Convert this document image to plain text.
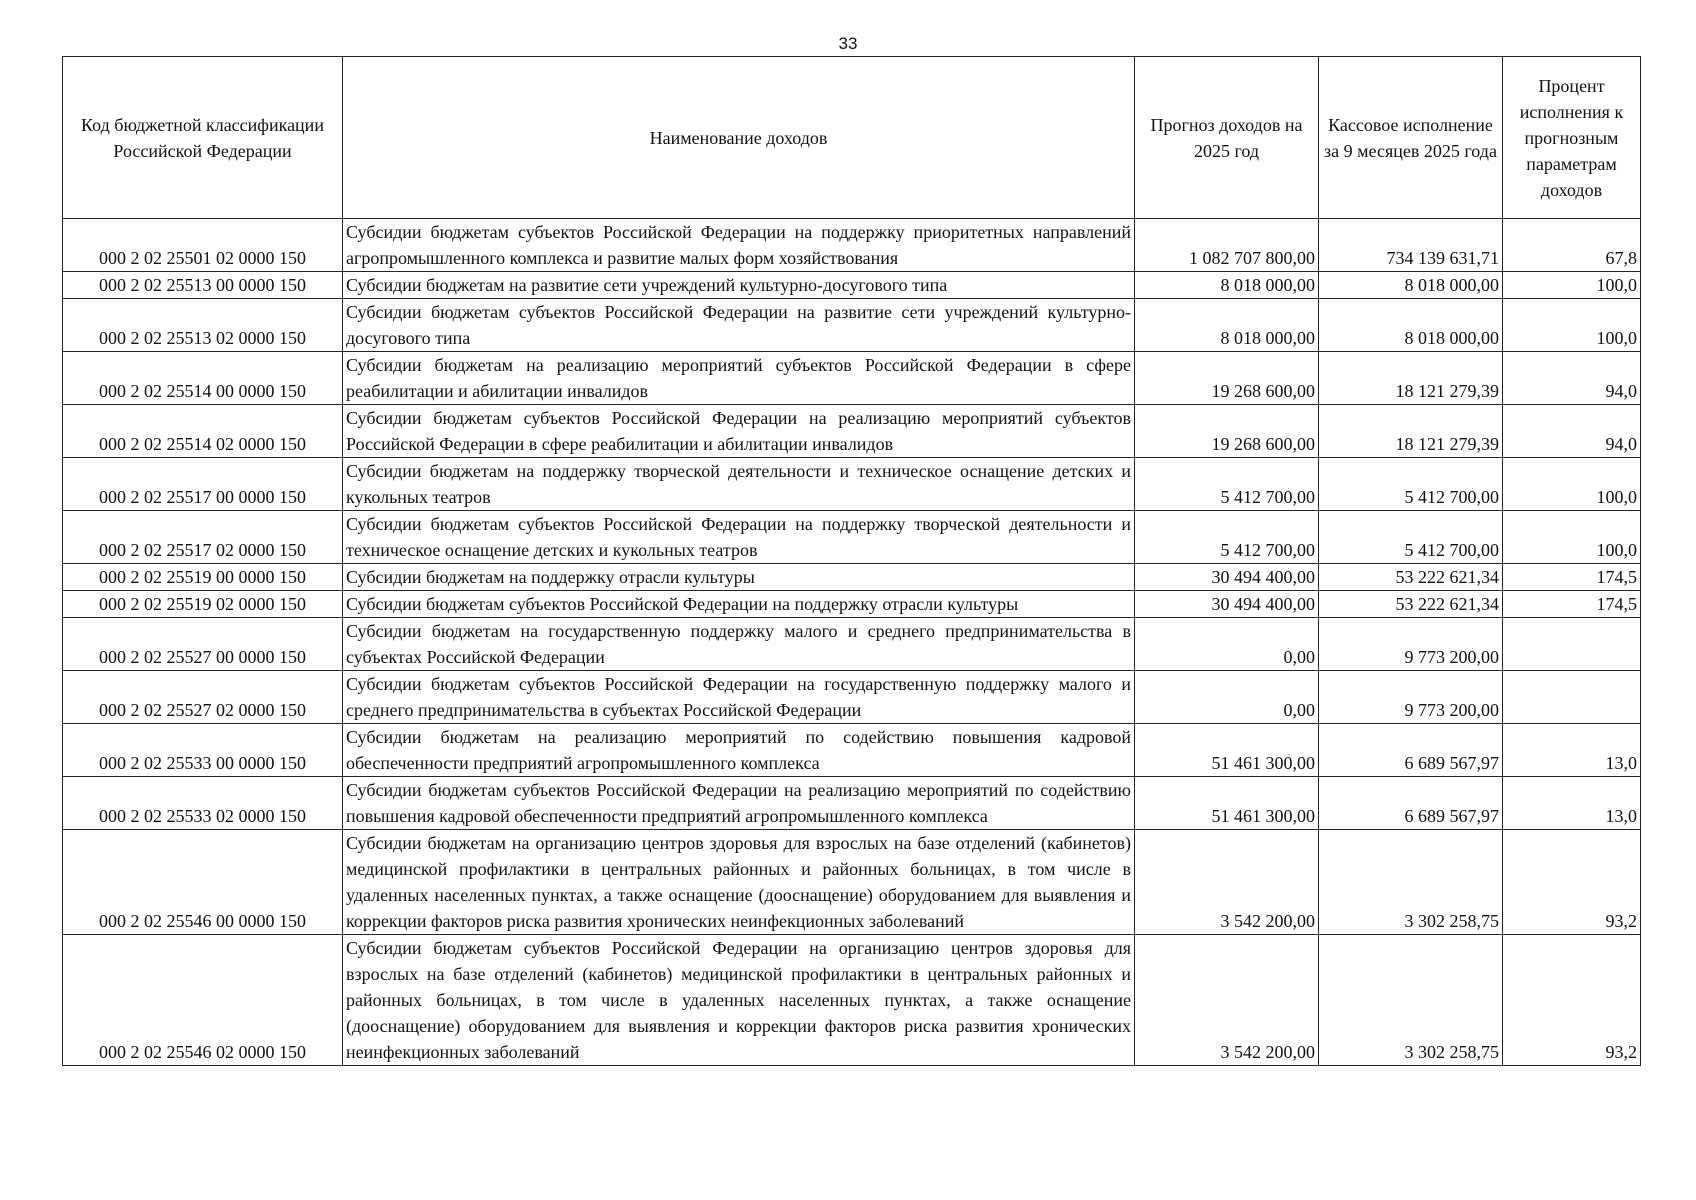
33
Код бюджетной классификации Российской Федерации	Наименование доходов	Прогноз доходов на 2025 год	Кассовое исполнение за 9 месяцев 2025 года	Процент исполнения к прогнозным параметрам доходов
000 2 02 25501 02 0000 150	Субсидии бюджетам субъектов Российской Федерации на поддержку приоритетных направлений агропромышленного комплекса и развитие малых форм хозяйствования	1 082 707 800,00	734 139 631,71	67,8
000 2 02 25513 00 0000 150	Субсидии бюджетам на развитие сети учреждений культурно-досугового типа	8 018 000,00	8 018 000,00	100,0
000 2 02 25513 02 0000 150	Субсидии бюджетам субъектов Российской Федерации на развитие сети учреждений культурно-досугового типа	8 018 000,00	8 018 000,00	100,0
000 2 02 25514 00 0000 150	Субсидии бюджетам на реализацию мероприятий субъектов Российской Федерации в сфере реабилитации и абилитации инвалидов	19 268 600,00	18 121 279,39	94,0
000 2 02 25514 02 0000 150	Субсидии бюджетам субъектов Российской Федерации на реализацию мероприятий субъектов Российской Федерации в сфере реабилитации и абилитации инвалидов	19 268 600,00	18 121 279,39	94,0
000 2 02 25517 00 0000 150	Субсидии бюджетам на поддержку творческой деятельности и техническое оснащение детских и кукольных театров	5 412 700,00	5 412 700,00	100,0
000 2 02 25517 02 0000 150	Субсидии бюджетам субъектов Российской Федерации на поддержку творческой деятельности и техническое оснащение детских и кукольных театров	5 412 700,00	5 412 700,00	100,0
000 2 02 25519 00 0000 150	Субсидии бюджетам на поддержку отрасли культуры	30 494 400,00	53 222 621,34	174,5
000 2 02 25519 02 0000 150	Субсидии бюджетам субъектов Российской Федерации на поддержку отрасли культуры	30 494 400,00	53 222 621,34	174,5
000 2 02 25527 00 0000 150	Субсидии бюджетам на государственную поддержку малого и среднего предпринимательства в субъектах Российской Федерации	0,00	9 773 200,00	
000 2 02 25527 02 0000 150	Субсидии бюджетам субъектов Российской Федерации на государственную поддержку малого и среднего предпринимательства в субъектах Российской Федерации	0,00	9 773 200,00	
000 2 02 25533 00 0000 150	Субсидии бюджетам на реализацию мероприятий по содействию повышения кадровой обеспеченности предприятий агропромышленного комплекса	51 461 300,00	6 689 567,97	13,0
000 2 02 25533 02 0000 150	Субсидии бюджетам субъектов Российской Федерации на реализацию мероприятий по содействию повышения кадровой обеспеченности предприятий агропромышленного комплекса	51 461 300,00	6 689 567,97	13,0
000 2 02 25546 00 0000 150	Субсидии бюджетам на организацию центров здоровья для взрослых на базе отделений (кабинетов) медицинской профилактики в центральных районных и районных больницах, в том числе в удаленных населенных пунктах, а также оснащение (дооснащение) оборудованием для выявления и коррекции факторов риска развития хронических неинфекционных заболеваний	3 542 200,00	3 302 258,75	93,2
000 2 02 25546 02 0000 150	Субсидии бюджетам субъектов Российской Федерации на организацию центров здоровья для взрослых на базе отделений (кабинетов) медицинской профилактики в центральных районных и районных больницах, в том числе в удаленных населенных пунктах, а также оснащение (дооснащение) оборудованием для выявления и коррекции факторов риска развития хронических неинфекционных заболеваний	3 542 200,00	3 302 258,75	93,2
